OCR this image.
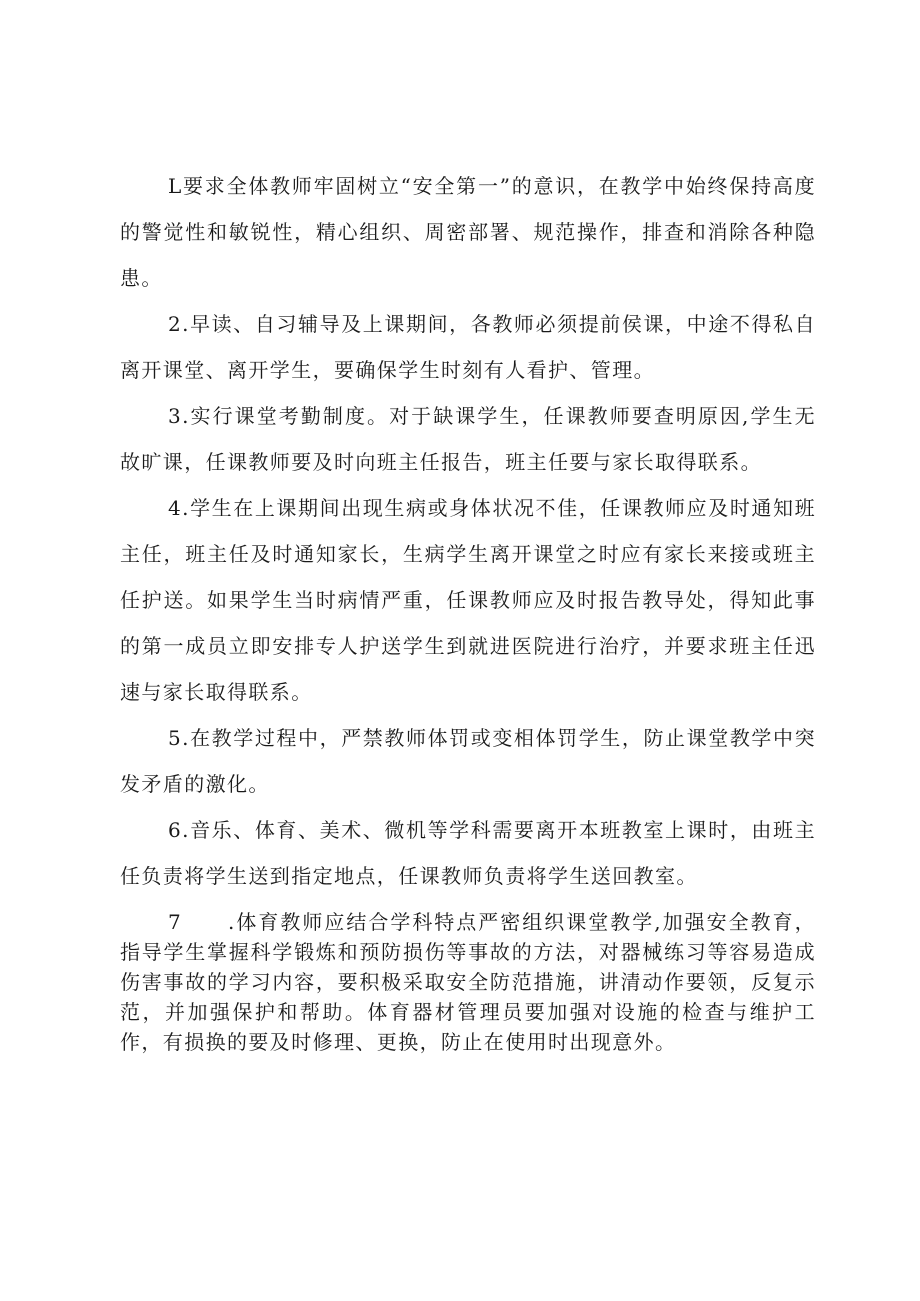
L要求全体教师牢固树立“安全第一”的意识，在教学中始终保持高度的警觉性和敏锐性，精心组织、周密部署、规范操作，排查和消除各种隐患。

2.早读、自习辅导及上课期间，各教师必须提前侯课，中途不得私自离开课堂、离开学生，要确保学生时刻有人看护、管理。

3.实行课堂考勤制度。对于缺课学生，任课教师要查明原因,学生无故旷课，任课教师要及时向班主任报告，班主任要与家长取得联系。

4.学生在上课期间出现生病或身体状况不佳，任课教师应及时通知班主任，班主任及时通知家长，生病学生离开课堂之时应有家长来接或班主任护送。如果学生当时病情严重，任课教师应及时报告教导处，得知此事的第一成员立即安排专人护送学生到就进医院进行治疗，并要求班主任迅速与家长取得联系。

5.在教学过程中，严禁教师体罚或变相体罚学生，防止课堂教学中突发矛盾的激化。

6.音乐、体育、美术、微机等学科需要离开本班教室上课时，由班主任负责将学生送到指定地点，任课教师负责将学生送回教室。

7 .体育教师应结合学科特点严密组织课堂教学,加强安全教育，指导学生掌握科学锻炼和预防损伤等事故的方法，对器械练习等容易造成伤害事故的学习内容，要积极采取安全防范措施，讲清动作要领，反复示范，并加强保护和帮助。体育器材管理员要加强对设施的检查与维护工作，有损换的要及时修理、更换，防止在使用时出现意外。
